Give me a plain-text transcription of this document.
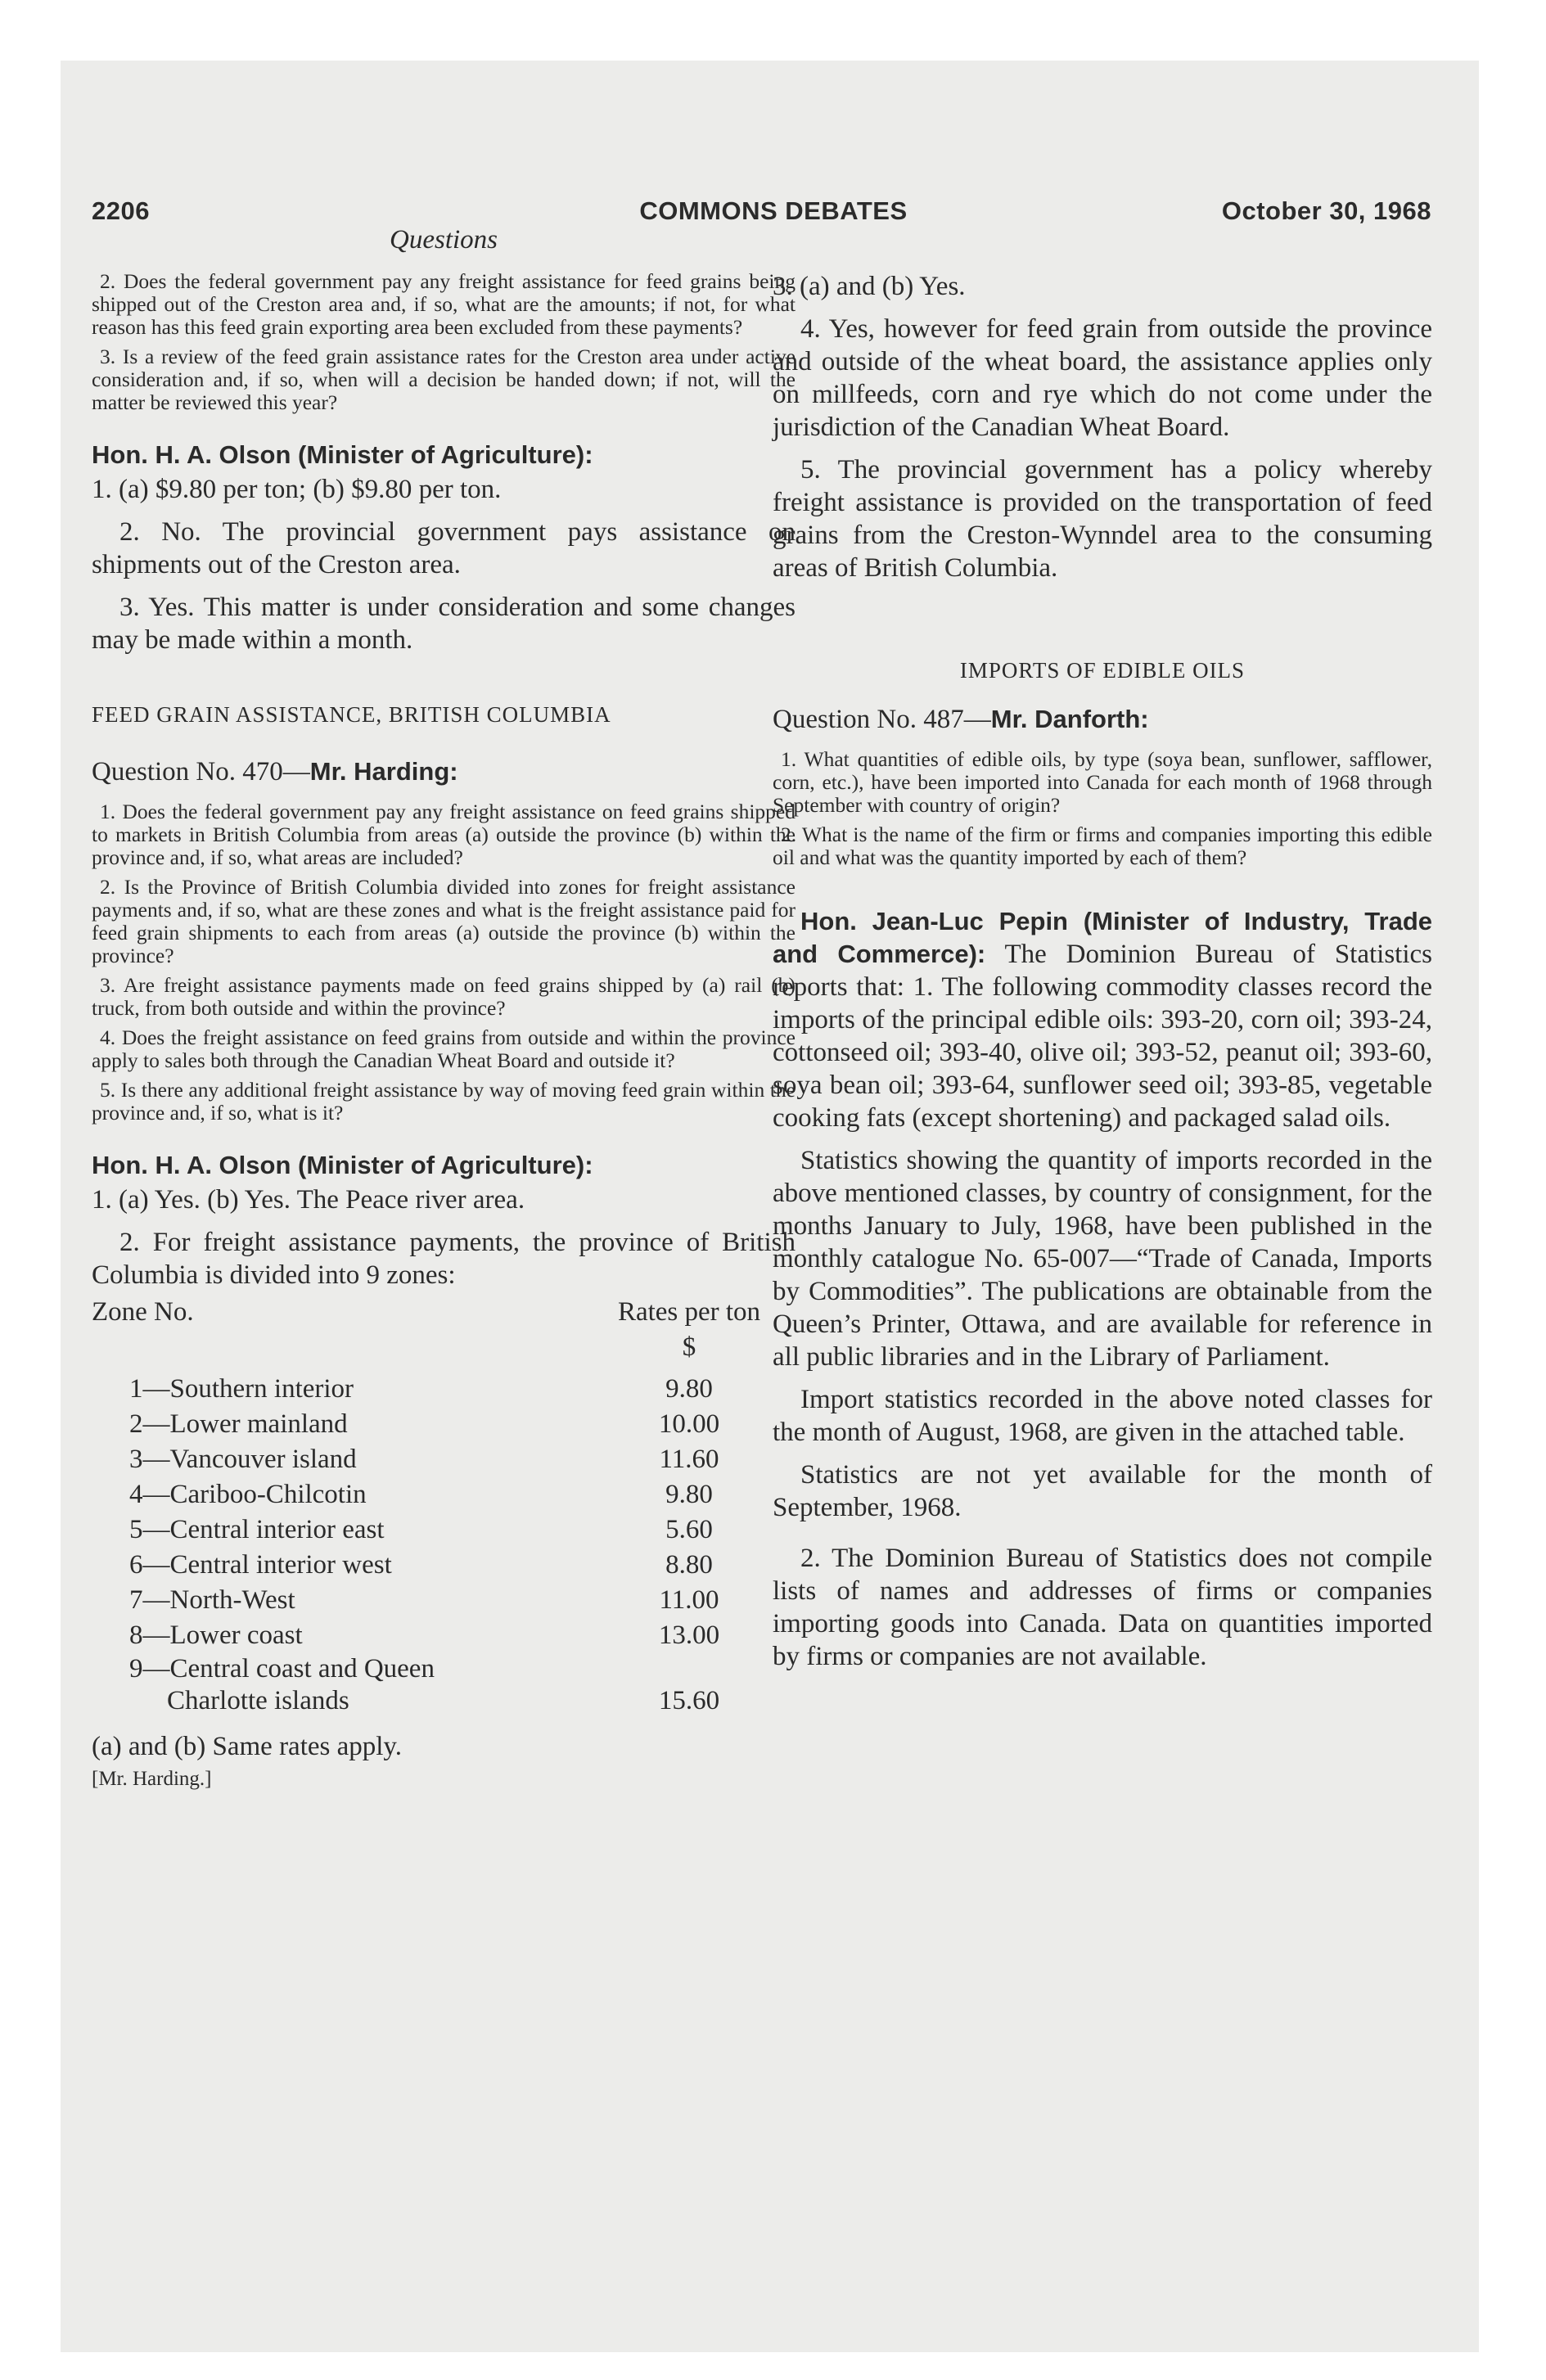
2206	COMMONS DEBATES	October 30, 1968
Questions

2. Does the federal government pay any freight assistance for feed grains being shipped out of the Creston area and, if so, what are the amounts; if not, for what reason has this feed grain exporting area been excluded from these payments?

3. Is a review of the feed grain assistance rates for the Creston area under active consideration and, if so, when will a decision be handed down; if not, will the matter be reviewed this year?

Hon. H. A. Olson (Minister of Agriculture):

1. (a) $9.80 per ton; (b) $9.80 per ton.

2. No. The provincial government pays assistance on shipments out of the Creston area.

3. Yes. This matter is under consideration and some changes may be made within a month.

FEED GRAIN ASSISTANCE, BRITISH COLUMBIA

Question No. 470—Mr. Harding:

1. Does the federal government pay any freight assistance on feed grains shipped to markets in British Columbia from areas (a) outside the province (b) within the province and, if so, what areas are included?

2. Is the Province of British Columbia divided into zones for freight assistance payments and, if so, what are these zones and what is the freight assistance paid for feed grain shipments to each from areas (a) outside the province (b) within the province?

3. Are freight assistance payments made on feed grains shipped by (a) rail (b) truck, from both outside and within the province?

4. Does the freight assistance on feed grains from outside and within the province apply to sales both through the Canadian Wheat Board and outside it?

5. Is there any additional freight assistance by way of moving feed grain within the province and, if so, what is it?

Hon. H. A. Olson (Minister of Agriculture):

1. (a) Yes. (b) Yes. The Peace river area.

2. For freight assistance payments, the province of British Columbia is divided into 9 zones:

Zone No.	Rates per ton
	$

1—Southern interior	9.80
2—Lower mainland	10.00
3—Vancouver island	11.60
4—Cariboo-Chilcotin	9.80
5—Central interior east	5.60
6—Central interior west	8.80
7—North-West	11.00
8—Lower coast	13.00

9—Central coast and Queen
Charlotte islands	15.60

(a) and (b) Same rates apply.

[Mr. Harding.]

3. (a) and (b) Yes.

4. Yes, however for feed grain from outside the province and outside of the wheat board, the assistance applies only on millfeeds, corn and rye which do not come under the jurisdiction of the Canadian Wheat Board.

5. The provincial government has a policy whereby freight assistance is provided on the transportation of feed grains from the Creston-Wynndel area to the consuming areas of British Columbia.

IMPORTS OF EDIBLE OILS

Question No. 487—Mr. Danforth:

1. What quantities of edible oils, by type (soya bean, sunflower, safflower, corn, etc.), have been imported into Canada for each month of 1968 through September with country of origin?

2. What is the name of the firm or firms and companies importing this edible oil and what was the quantity imported by each of them?

Hon. Jean-Luc Pepin (Minister of Industry, Trade and Commerce): The Dominion Bureau of Statistics reports that: 1. The following commodity classes record the imports of the principal edible oils: 393-20, corn oil; 393-24, cottonseed oil; 393-40, olive oil; 393-52, peanut oil; 393-60, soya bean oil; 393-64, sunflower seed oil; 393-85, vegetable cooking fats (except shortening) and packaged salad oils.

Statistics showing the quantity of imports recorded in the above mentioned classes, by country of consignment, for the months January to July, 1968, have been published in the monthly catalogue No. 65-007—“Trade of Canada, Imports by Commodities”. The publications are obtainable from the Queen’s Printer, Ottawa, and are available for reference in all public libraries and in the Library of Parliament.

Import statistics recorded in the above noted classes for the month of August, 1968, are given in the attached table.

Statistics are not yet available for the month of September, 1968.

2. The Dominion Bureau of Statistics does not compile lists of names and addresses of firms or companies importing goods into Canada. Data on quantities imported by firms or companies are not available.
